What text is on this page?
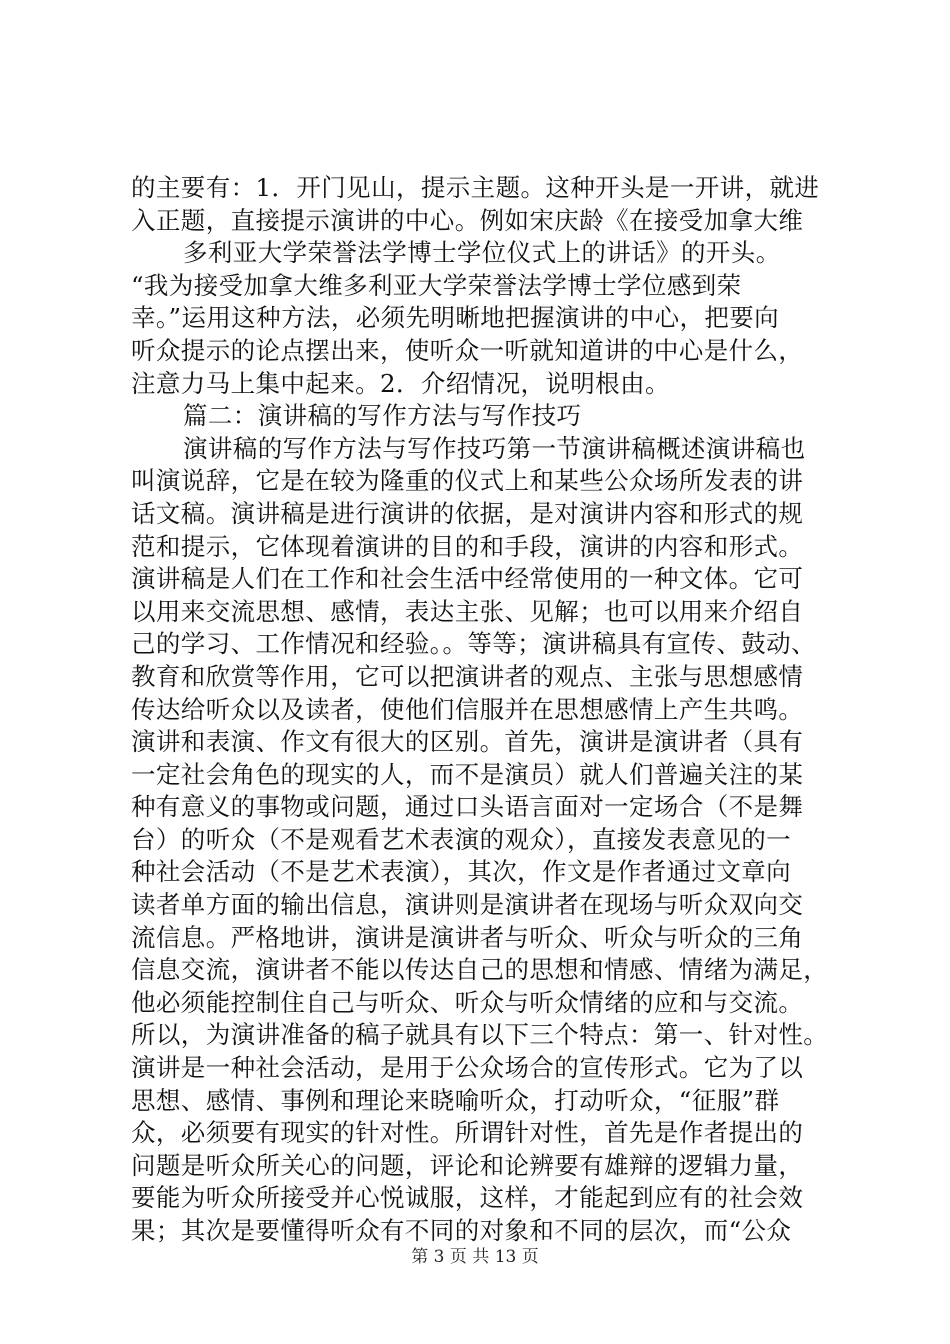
的主要有：1．开门见山，提示主题。这种开头是一开讲，就进
入正题，直接提示演讲的中心。例如宋庆龄《在接受加拿大维
多利亚大学荣誉法学博士学位仪式上的讲话》的开头。
“我为接受加拿大维多利亚大学荣誉法学博士学位感到荣
幸。”运用这种方法，必须先明晰地把握演讲的中心，把要向
听众提示的论点摆出来，使听众一听就知道讲的中心是什么，
注意力马上集中起来。2．介绍情况，说明根由。
篇二：演讲稿的写作方法与写作技巧
演讲稿的写作方法与写作技巧第一节演讲稿概述演讲稿也
叫演说辞，它是在较为隆重的仪式上和某些公众场所发表的讲
话文稿。演讲稿是进行演讲的依据，是对演讲内容和形式的规
范和提示，它体现着演讲的目的和手段，演讲的内容和形式。
演讲稿是人们在工作和社会生活中经常使用的一种文体。它可
以用来交流思想、感情，表达主张、见解；也可以用来介绍自
己的学习、工作情况和经验。。等等；演讲稿具有宣传、鼓动、
教育和欣赏等作用，它可以把演讲者的观点、主张与思想感情
传达给听众以及读者，使他们信服并在思想感情上产生共鸣。
演讲和表演、作文有很大的区别。首先，演讲是演讲者（具有
一定社会角色的现实的人，而不是演员）就人们普遍关注的某
种有意义的事物或问题，通过口头语言面对一定场合（不是舞
台）的听众（不是观看艺术表演的观众），直接发表意见的一
种社会活动（不是艺术表演），其次，作文是作者通过文章向
读者单方面的输出信息，演讲则是演讲者在现场与听众双向交
流信息。严格地讲，演讲是演讲者与听众、听众与听众的三角
信息交流，演讲者不能以传达自己的思想和情感、情绪为满足，
他必须能控制住自己与听众、听众与听众情绪的应和与交流。
所以，为演讲准备的稿子就具有以下三个特点：第一、针对性。
演讲是一种社会活动，是用于公众场合的宣传形式。它为了以
思想、感情、事例和理论来晓喻听众，打动听众，“征服”群
众，必须要有现实的针对性。所谓针对性，首先是作者提出的
问题是听众所关心的问题，评论和论辨要有雄辩的逻辑力量，
要能为听众所接受并心悦诚服，这样，才能起到应有的社会效
果；其次是要懂得听众有不同的对象和不同的层次，而“公众
第 3 页 共 13 页
